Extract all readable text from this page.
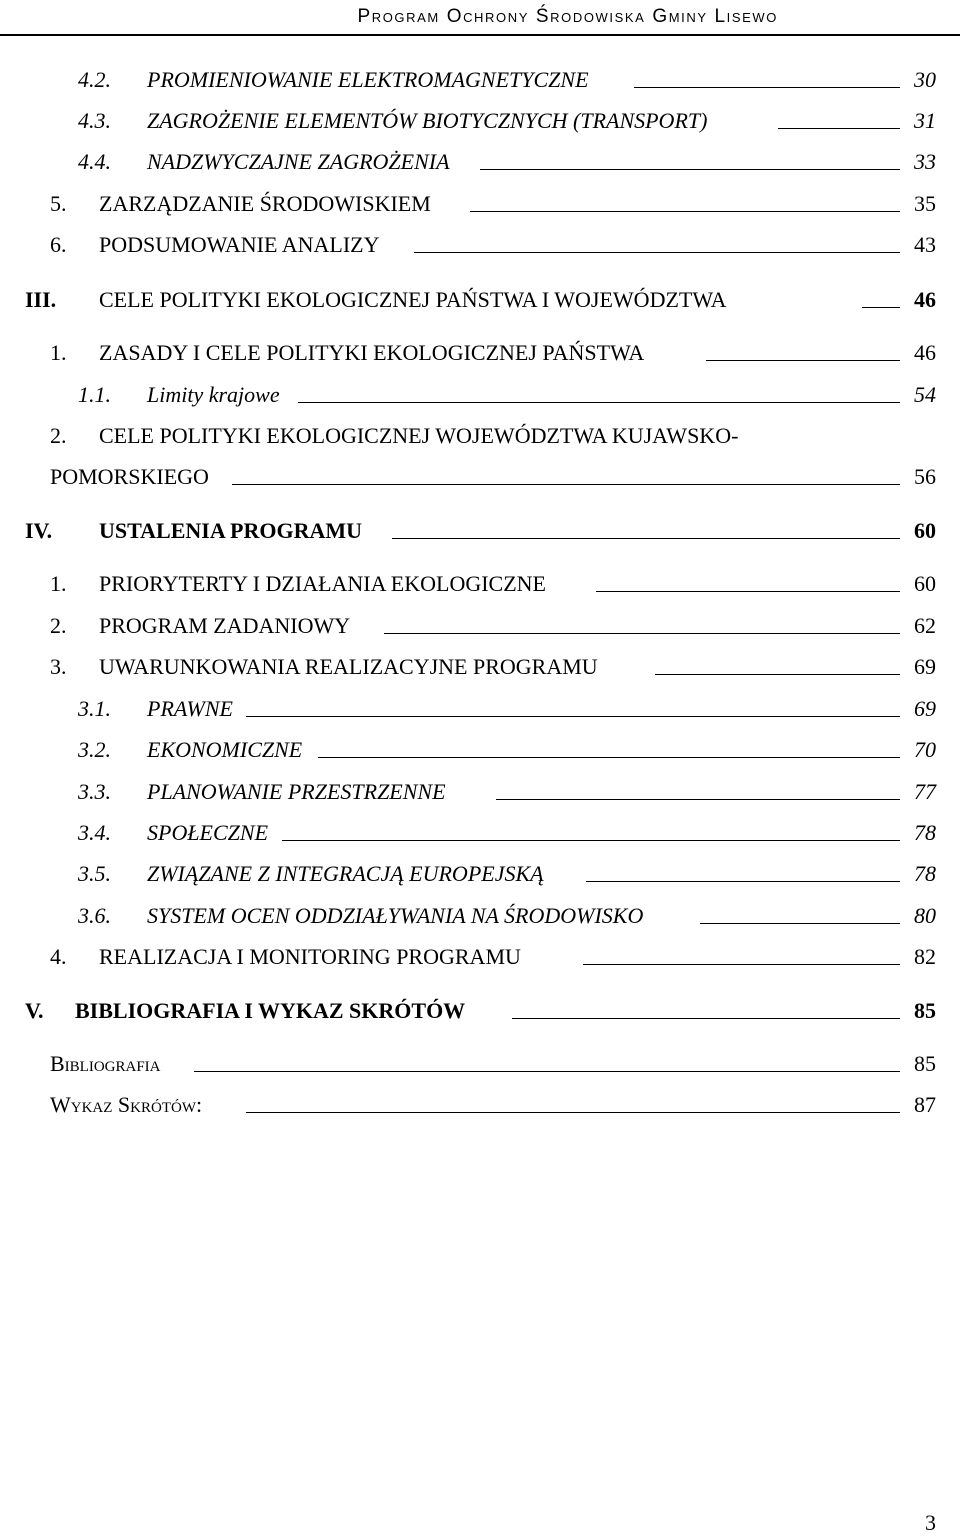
Program Ochrony Środowiska Gminy Lisewo
4.2. PROMIENIOWANIE ELEKTROMAGNETYCZNE	30
4.3. ZAGROŻENIE ELEMENTÓW BIOTYCZNYCH (TRANSPORT)	31
4.4. NADZWYCZAJNE ZAGROŻENIA	33
5. ZARZĄDZANIE ŚRODOWISKIEM	35
6. PODSUMOWANIE ANALIZY	43
III. CELE POLITYKI EKOLOGICZNEJ PAŃSTWA I WOJEWÓDZTWA	46
1. ZASADY I CELE POLITYKI EKOLOGICZNEJ PAŃSTWA	46
1.1. Limity krajowe	54
2. CELE POLITYKI EKOLOGICZNEJ WOJEWÓDZTWA KUJAWSKO-
POMORSKIEGO	56
IV. USTALENIA PROGRAMU	60
1. PRIORYTERTY I DZIAŁANIA EKOLOGICZNE	60
2. PROGRAM ZADANIOWY	62
3. UWARUNKOWANIA REALIZACYJNE PROGRAMU	69
3.1. PRAWNE	69
3.2. EKONOMICZNE	70
3.3. PLANOWANIE PRZESTRZENNE	77
3.4. SPOŁECZNE	78
3.5. ZWIĄZANE Z INTEGRACJĄ EUROPEJSKĄ	78
3.6. SYSTEM OCEN ODDZIAŁYWANIA NA ŚRODOWISKO	80
4. REALIZACJA I MONITORING PROGRAMU	82
V. BIBLIOGRAFIA I WYKAZ SKRÓTÓW	85
Bibliografia	85
Wykaz Skrótów:	87
3
